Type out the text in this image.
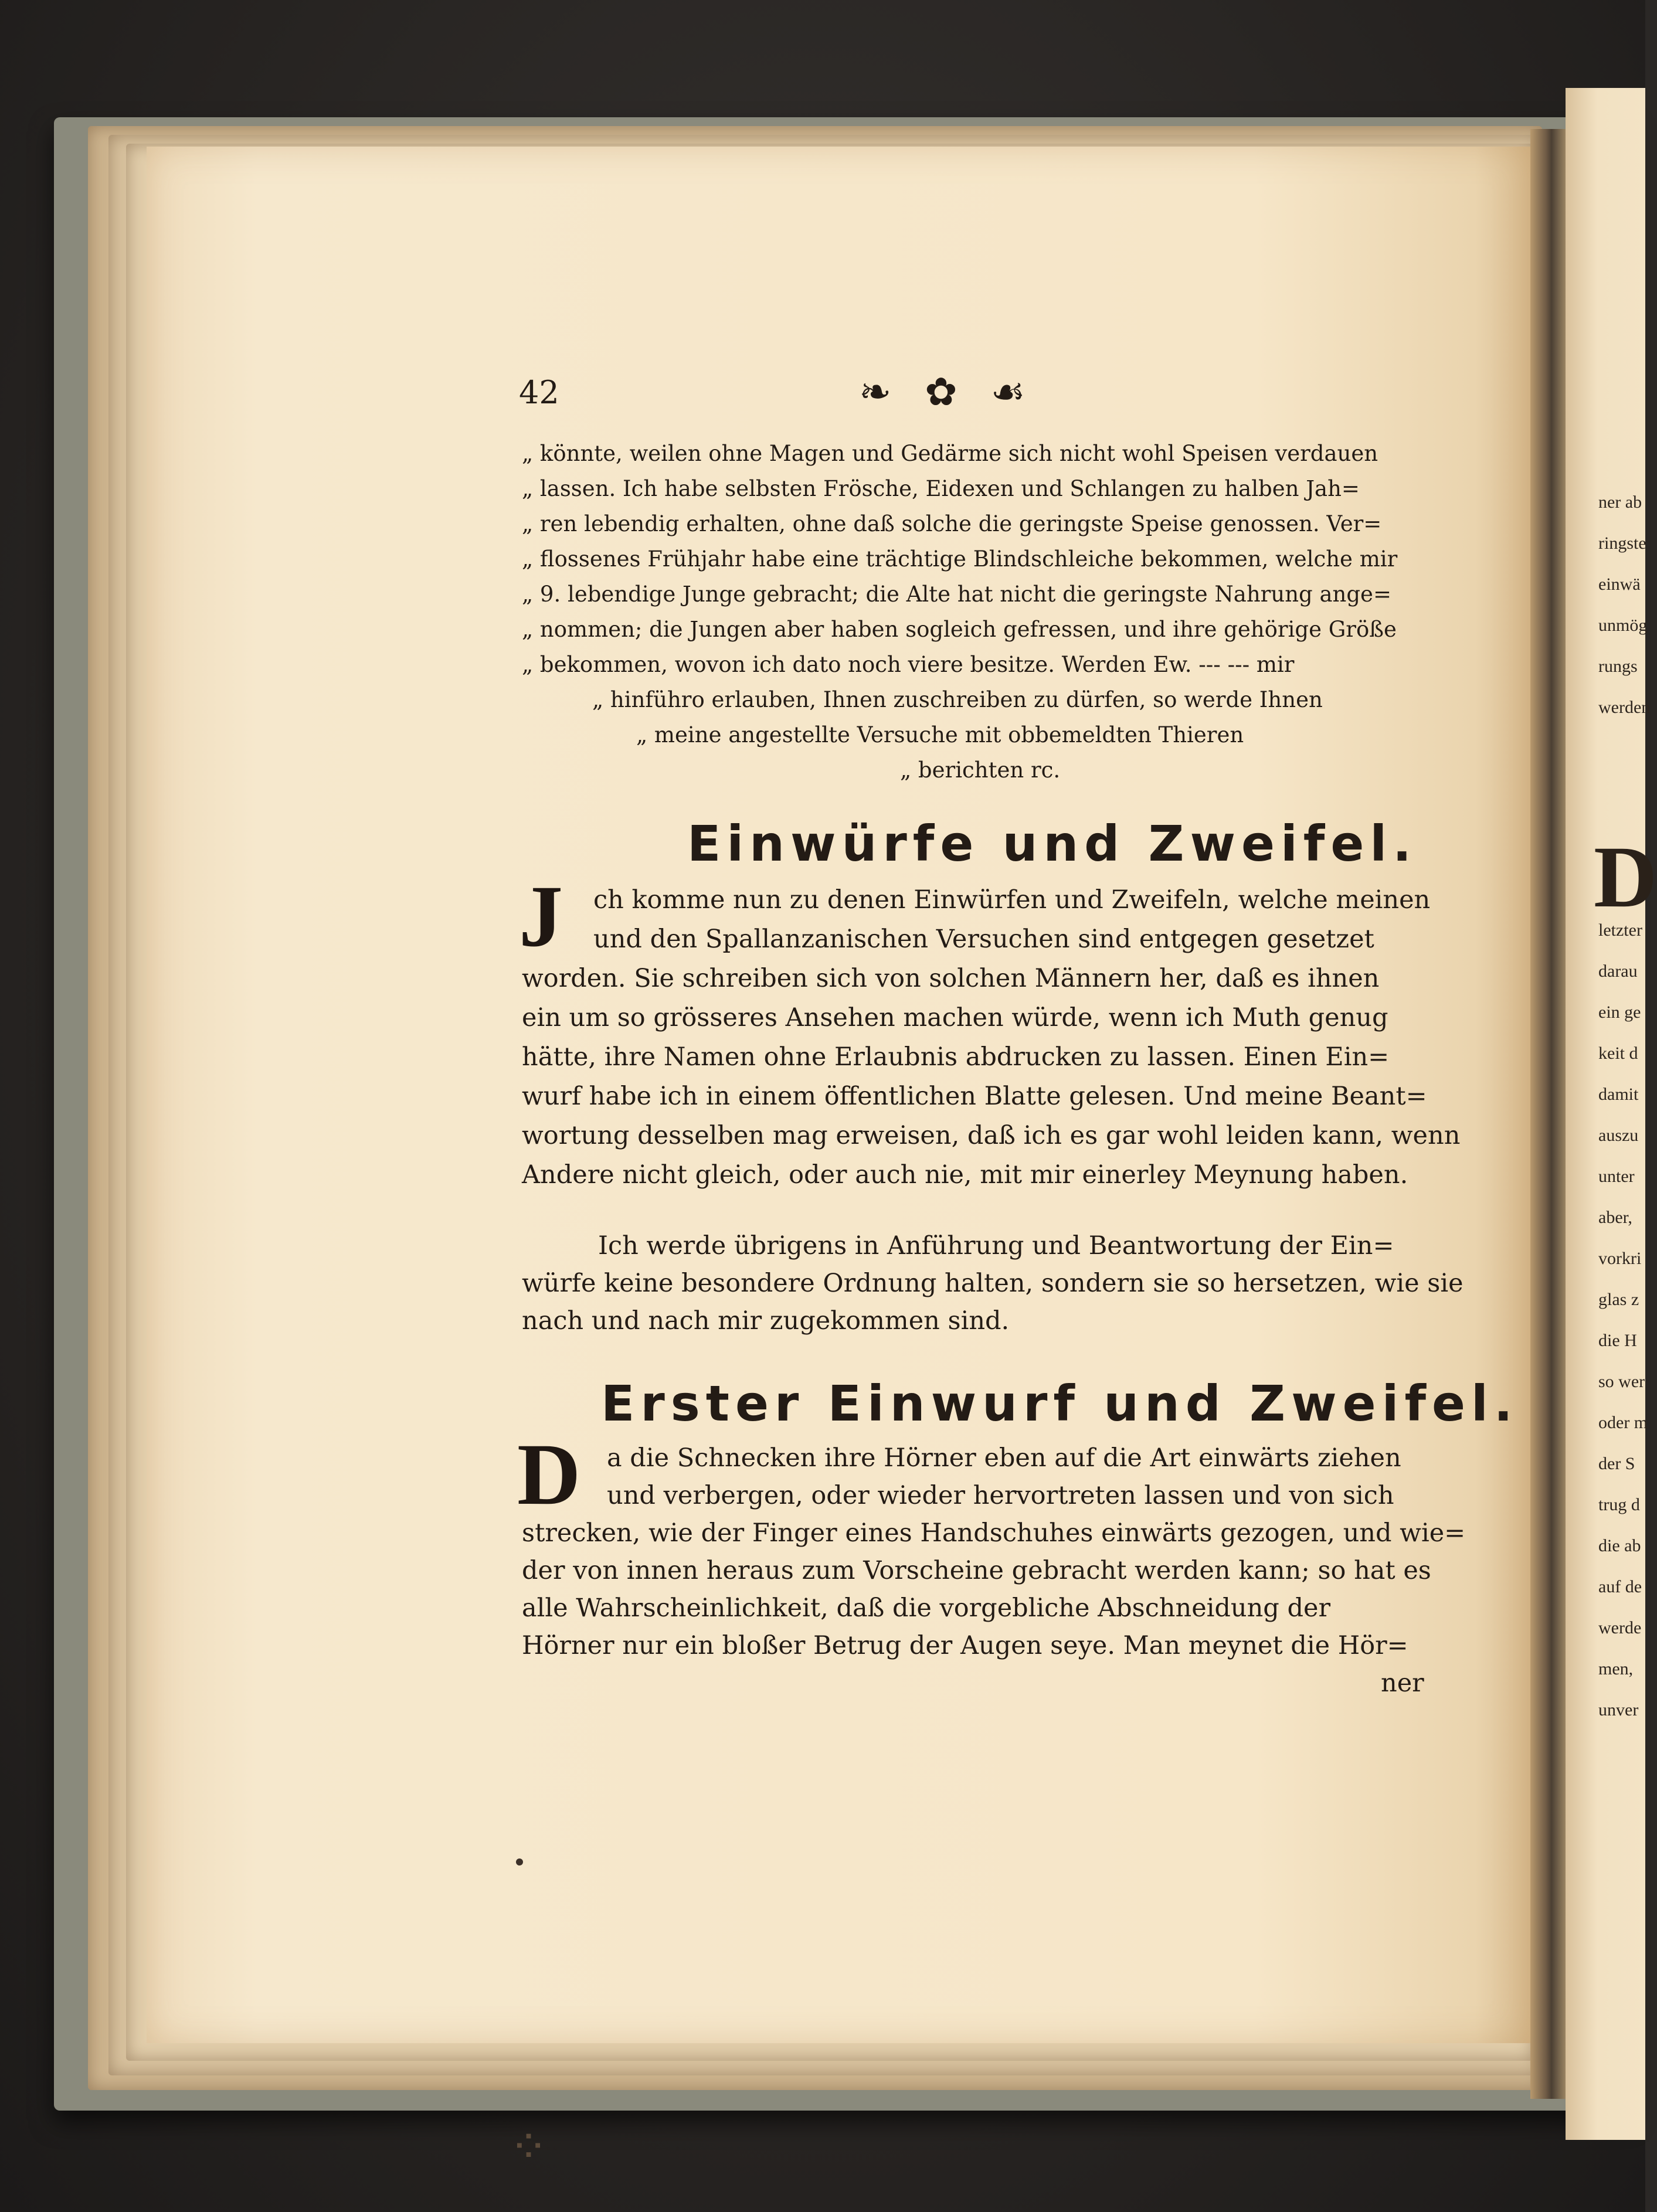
ner ab
ringste
einwä
unmög
rungs
werden
letzter
darau
ein ge
keit d
damit
auszu
unter
aber,
vorkri
glas z
die H
so wer
oder m
der S
trug d
die ab
auf de
werde
men,
unver
D
42	❧ ✿ ☙
„ könnte, weilen ohne Magen und Gedärme sich nicht wohl Speisen verdauen
„ lassen. Ich habe selbsten Frösche, Eidexen und Schlangen zu halben Jah=
„ ren lebendig erhalten, ohne daß solche die geringste Speise genossen. Ver=
„ flossenes Frühjahr habe eine trächtige Blindschleiche bekommen, welche mir
„ 9. lebendige Junge gebracht; die Alte hat nicht die geringste Nahrung ange=
„ nommen; die Jungen aber haben sogleich gefressen, und ihre gehörige Größe
„ bekommen, wovon ich dato noch viere besitze. Werden Ew. --- --- mir
„ hinführo erlauben, Ihnen zuschreiben zu dürfen, so werde Ihnen
„ meine angestellte Versuche mit obbemeldten Thieren
„ berichten rc.
Einwürfe und Zweifel.
J ch komme nun zu denen Einwürfen und Zweifeln, welche meinen
und den Spallanzanischen Versuchen sind entgegen gesetzet
worden. Sie schreiben sich von solchen Männern her, daß es ihnen
ein um so grösseres Ansehen machen würde, wenn ich Muth genug
hätte, ihre Namen ohne Erlaubnis abdrucken zu lassen. Einen Ein=
wurf habe ich in einem öffentlichen Blatte gelesen. Und meine Beant=
wortung desselben mag erweisen, daß ich es gar wohl leiden kann, wenn
Andere nicht gleich, oder auch nie, mit mir einerley Meynung haben.
Ich werde übrigens in Anführung und Beantwortung der Ein=
würfe keine besondere Ordnung halten, sondern sie so hersetzen, wie sie
nach und nach mir zugekommen sind.
Erster Einwurf und Zweifel.
D a die Schnecken ihre Hörner eben auf die Art einwärts ziehen
und verbergen, oder wieder hervortreten lassen und von sich
strecken, wie der Finger eines Handschuhes einwärts gezogen, und wie=
der von innen heraus zum Vorscheine gebracht werden kann; so hat es
alle Wahrscheinlichkeit, daß die vorgebliche Abschneidung der
Hörner nur ein bloßer Betrug der Augen seye. Man meynet die Hör=
ner
⁘
